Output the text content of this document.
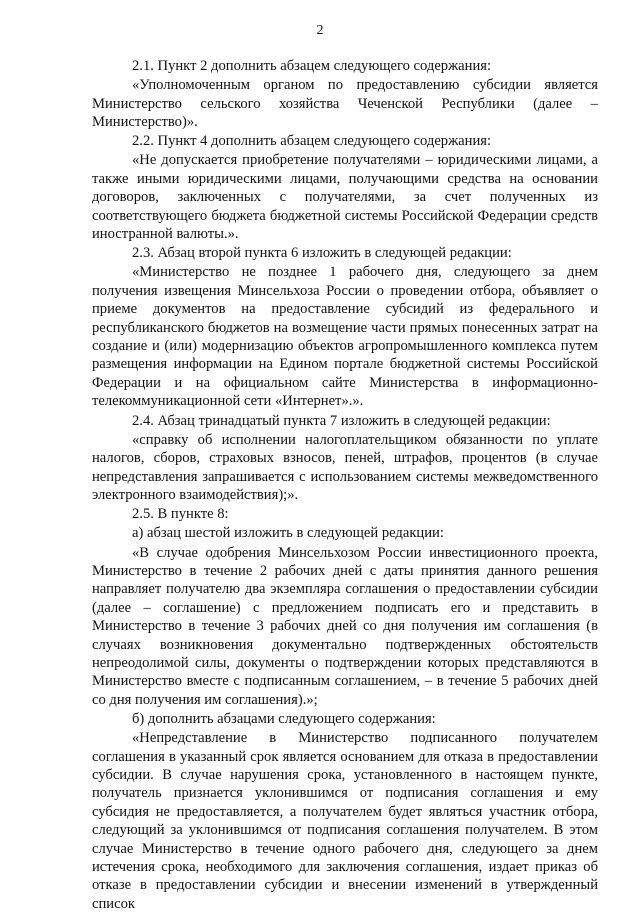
2

2.1. Пункт 2 дополнить абзацем следующего содержания:

«Уполномоченным органом по предоставлению субсидии является Министерство сельского хозяйства Чеченской Республики (далее – Министерство)».

2.2. Пункт 4 дополнить абзацем следующего содержания:

«Не допускается приобретение получателями – юридическими лицами, а также иными юридическими лицами, получающими средства на основании договоров, заключенных с получателями, за счет полученных из соответствующего бюджета бюджетной системы Российской Федерации средств иностранной валюты.».

2.3. Абзац второй пункта 6 изложить в следующей редакции:

«Министерство не позднее 1 рабочего дня, следующего за днем получения извещения Минсельхоза России о проведении отбора, объявляет о приеме документов на предоставление субсидий из федерального и республиканского бюджетов на возмещение части прямых понесенных затрат на создание и (или) модернизацию объектов агропромышленного комплекса путем размещения информации на Едином портале бюджетной системы Российской Федерации и на официальном сайте Министерства в информационно-телекоммуникационной сети «Интернет».».

2.4. Абзац тринадцатый пункта 7 изложить в следующей редакции:

«справку об исполнении налогоплательщиком обязанности по уплате налогов, сборов, страховых взносов, пеней, штрафов, процентов (в случае непредставления запрашивается с использованием системы межведомственного электронного взаимодействия);».

2.5. В пункте 8:

а) абзац шестой изложить в следующей редакции:

«В случае одобрения Минсельхозом России инвестиционного проекта, Министерство в течение 2 рабочих дней с даты принятия данного решения направляет получателю два экземпляра соглашения о предоставлении субсидии (далее – соглашение) с предложением подписать его и представить в Министерство в течение 3 рабочих дней со дня получения им соглашения (в случаях возникновения документально подтвержденных обстоятельств непреодолимой силы, документы о подтверждении которых представляются в Министерство вместе с подписанным соглашением, – в течение 5 рабочих дней со дня получения им соглашения).»;

б) дополнить абзацами следующего содержания:

«Непредставление в Министерство подписанного получателем соглашения в указанный срок является основанием для отказа в предоставлении субсидии. В случае нарушения срока, установленного в настоящем пункте, получатель признается уклонившимся от подписания соглашения и ему субсидия не предоставляется, а получателем будет являться участник отбора, следующий за уклонившимся от подписания соглашения получателем. В этом случае Министерство в течение одного рабочего дня, следующего за днем истечения срока, необходимого для заключения соглашения, издает приказ об отказе в предоставлении субсидии и внесении изменений в утвержденный список
